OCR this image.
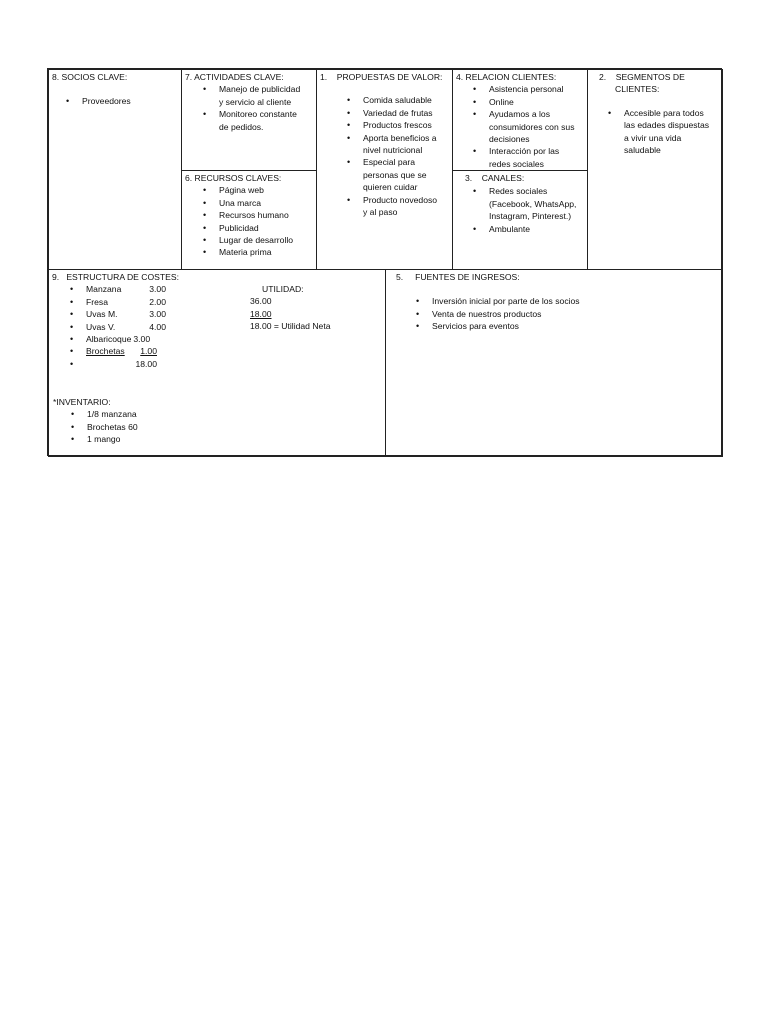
8. SOCIOS CLAVE:
• Proveedores
7. ACTIVIDADES CLAVE:
• Manejo de publicidad
y servicio al cliente
• Monitoreo constante
de pedidos.
6. RECURSOS CLAVES:
• Página web
• Una marca
• Recursos humano
• Publicidad
• Lugar de desarrollo
• Materia prima
1.    PROPUESTAS DE VALOR:
• Comida saludable
• Variedad de frutas
• Productos frescos
• Aporta beneficios a
nivel nutricional
• Especial para
personas que se
quieren cuidar
• Producto novedoso
y al paso
4. RELACION CLIENTES:
• Asistencia personal
• Online
• Ayudamos a los
consumidores con sus
decisiones
• Interacción por las
redes sociales
3.    CANALES:
• Redes sociales
(Facebook, WhatsApp,
Instagram, Pinterest.)
• Ambulante
2.    SEGMENTOS DE
CLIENTES:
• Accesible para todos
las edades dispuestas
a vivir una vida
saludable
9.   ESTRUCTURA DE COSTES:
• Manzana	3.00
• Fresa	2.00
• Uvas M.	3.00
• Uvas V.	4.00
• Albaricoque 3.00
• Brochetas 1.00
• 18.00
UTILIDAD:
36.00
18.00
18.00 = Utilidad Neta
*INVENTARIO:
• 1/8 manzana
• Brochetas 60
• 1 mango
5.     FUENTES DE INGRESOS:
• Inversión inicial por parte de los socios
• Venta de nuestros productos
• Servicios para eventos
